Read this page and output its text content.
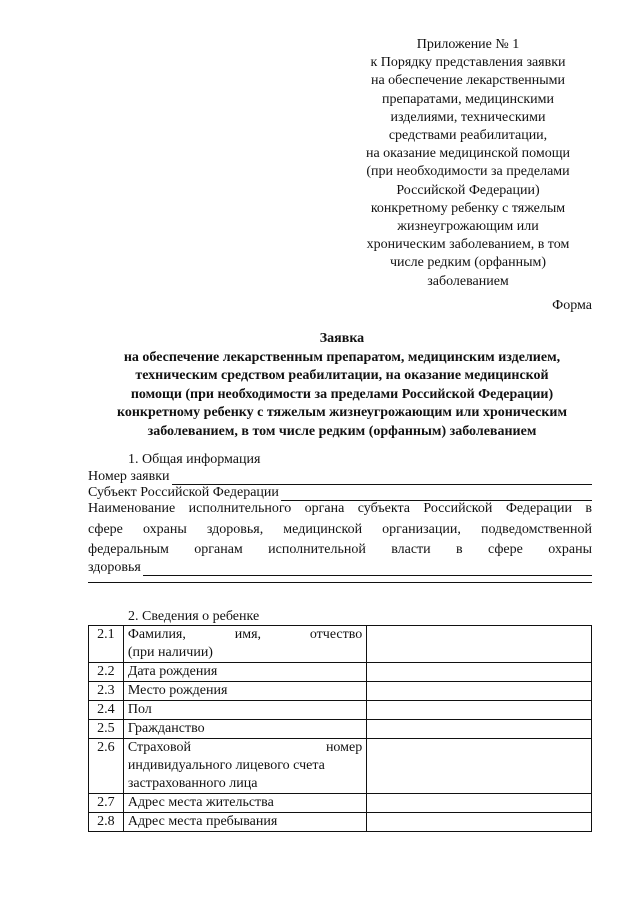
Приложение № 1
к Порядку представления заявки
на обеспечение лекарственными
препаратами, медицинскими
изделиями, техническими
средствами реабилитации,
на оказание медицинской помощи
(при необходимости за пределами
Российской Федерации)
конкретному ребенку с тяжелым
жизнеугрожающим или
хроническим заболеванием, в том
числе редким (орфанным)
заболеванием
Форма
Заявка
на обеспечение лекарственным препаратом, медицинским изделием,
техническим средством реабилитации, на оказание медицинской
помощи (при необходимости за пределами Российской Федерации)
конкретному ребенку с тяжелым жизнеугрожающим или хроническим
заболеванием, в том числе редким (орфанным) заболеванием
1. Общая информация
Номер заявки
Субъект Российской Федерации
Наименование исполнительного органа субъекта Российской Федерации в
сфере охраны здоровья, медицинской организации, подведомственной
федеральным органам исполнительной власти в сфере охраны
здоровья
2. Сведения о ребенке
2.1	Фамилия, имя, отчество
(при наличии)	

2.2	Дата рождения	

2.3	Место рождения	

2.4	Пол	

2.5	Гражданство	

2.6	Страховой номер
индивидуального лицевого счета
застрахованного лица	

2.7	Адрес места жительства	

2.8	Адрес места пребывания	
